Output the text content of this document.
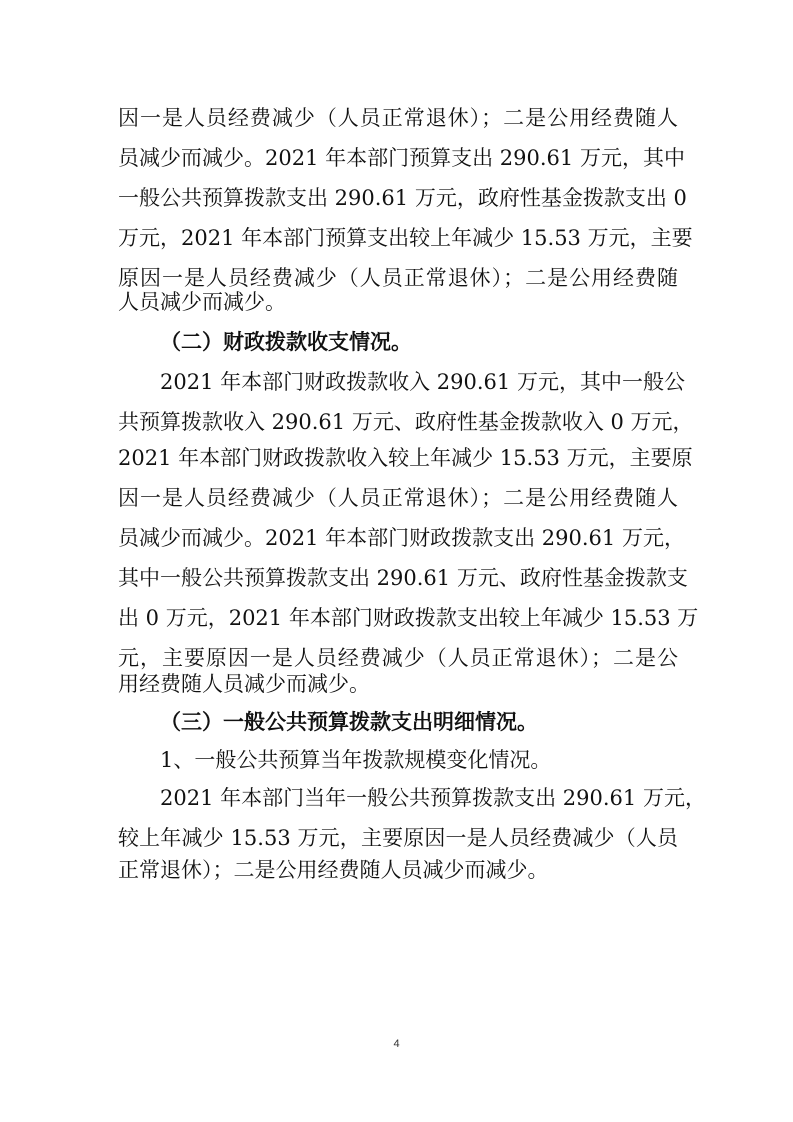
因一是人员经费减少（人员正常退休）；二是公用经费随人
员减少而减少。2021 年本部门预算支出 290.61 万元，其中
一般公共预算拨款支出 290.61 万元，政府性基金拨款支出 0
万元，2021 年本部门预算支出较上年减少 15.53 万元，主要
原因一是人员经费减少（人员正常退休）；二是公用经费随
人员减少而减少。
（二）财政拨款收支情况。
2021 年本部门财政拨款收入 290.61 万元，其中一般公
共预算拨款收入 290.61 万元、政府性基金拨款收入 0 万元，
2021 年本部门财政拨款收入较上年减少 15.53 万元，主要原
因一是人员经费减少（人员正常退休）；二是公用经费随人
员减少而减少。2021 年本部门财政拨款支出 290.61 万元，
其中一般公共预算拨款支出 290.61 万元、政府性基金拨款支
出 0 万元，2021 年本部门财政拨款支出较上年减少 15.53 万
元，主要原因一是人员经费减少（人员正常退休）；二是公
用经费随人员减少而减少。
（三）一般公共预算拨款支出明细情况。
1、一般公共预算当年拨款规模变化情况。
2021 年本部门当年一般公共预算拨款支出 290.61 万元，
较上年减少 15.53 万元，主要原因一是人员经费减少（人员
正常退休）；二是公用经费随人员减少而减少。
4
